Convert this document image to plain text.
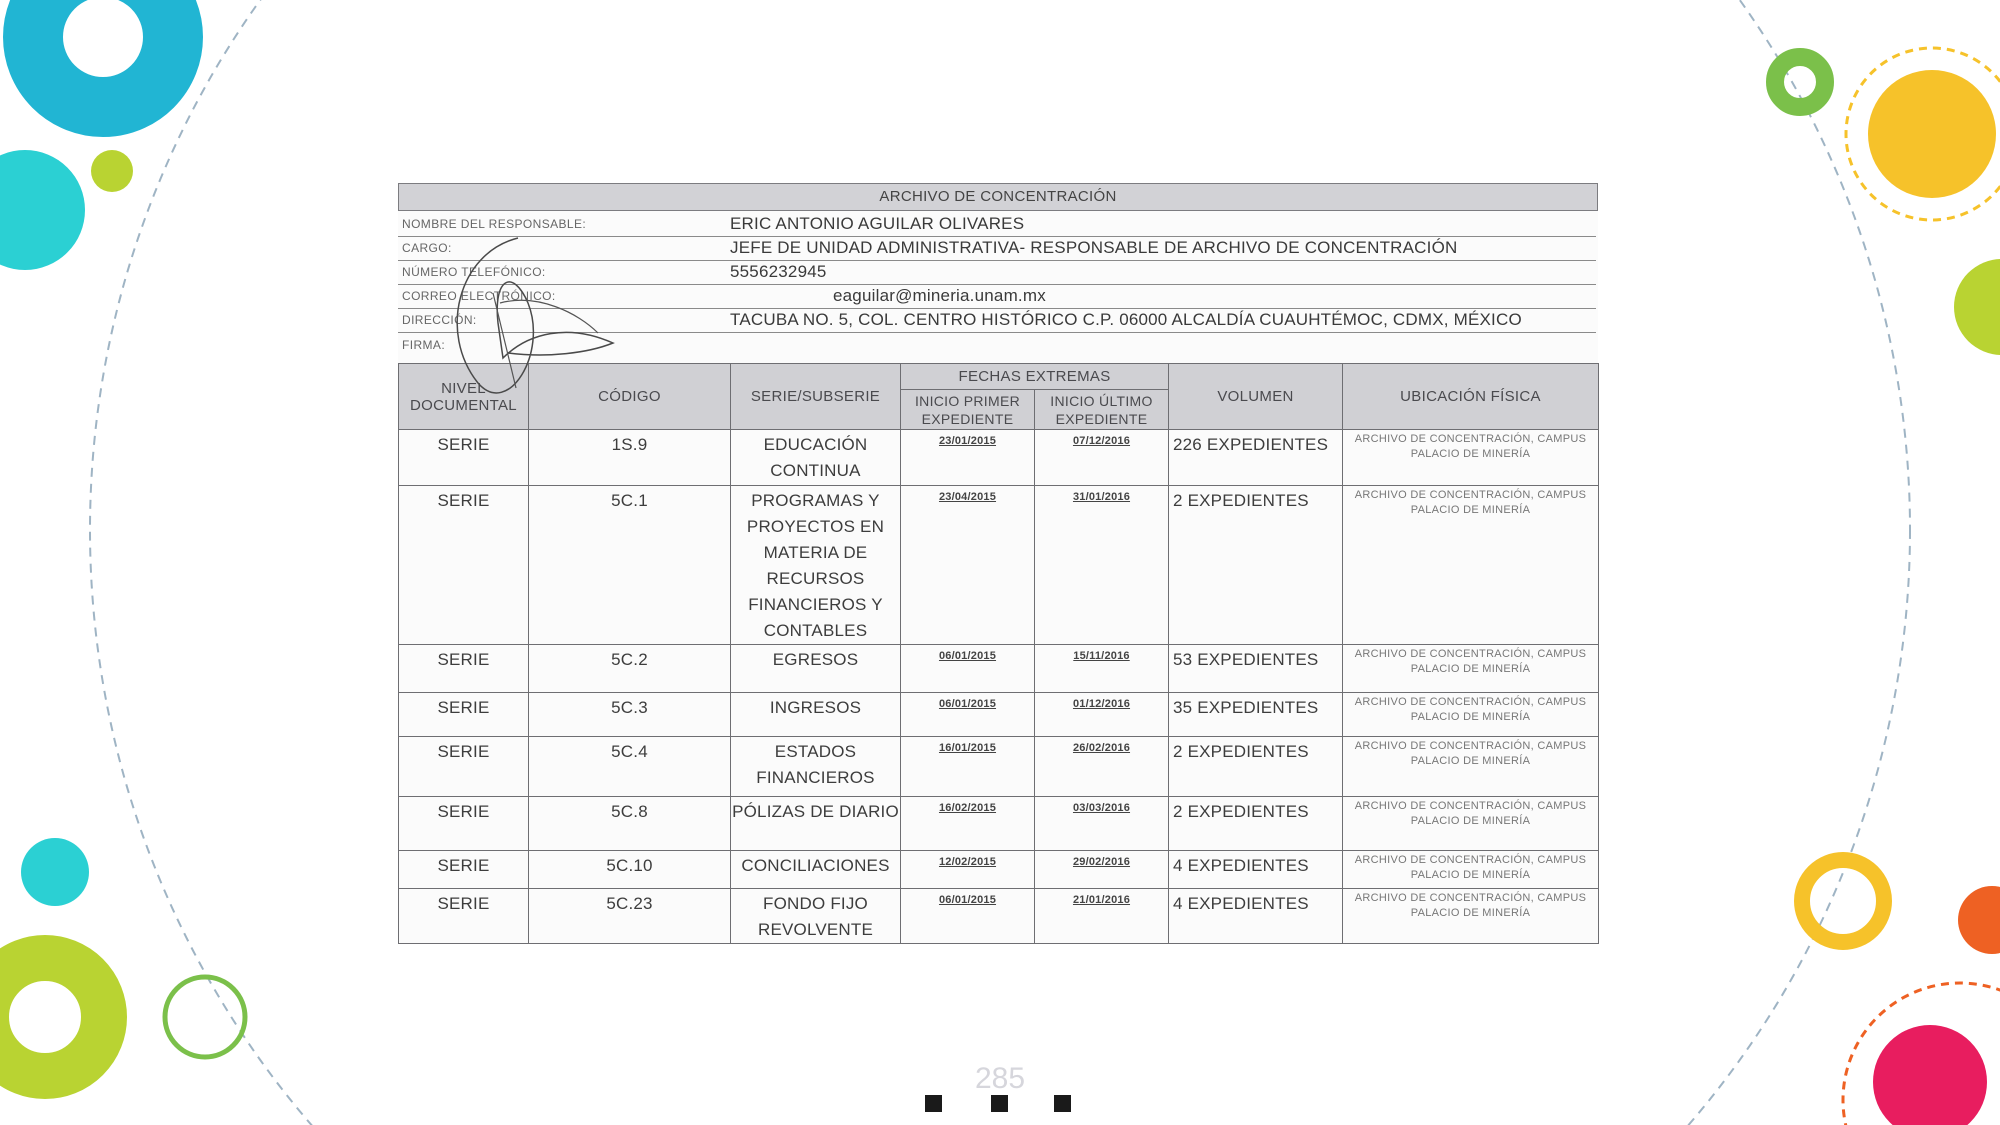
ARCHIVO DE CONCENTRACIÓN
NOMBRE DEL RESPONSABLE:	ERIC ANTONIO AGUILAR OLIVARES
CARGO:	JEFE DE UNIDAD ADMINISTRATIVA- RESPONSABLE DE ARCHIVO DE CONCENTRACIÓN
NÚMERO TELEFÓNICO:	5556232945
CORREO ELECTRÓNICO:	eaguilar@mineria.unam.mx
DIRECCIÓN:	TACUBA NO. 5, COL. CENTRO HISTÓRICO C.P. 06000 ALCALDÍA CUAUHTÉMOC, CDMX, MÉXICO
FIRMA:
NIVEL DOCUMENTAL	CÓDIGO	SERIE/SUBSERIE	FECHAS EXTREMAS		VOLUMEN	UBICACIÓN FÍSICA
			INICIO PRIMER EXPEDIENTE	INICIO ÚLTIMO EXPEDIENTE		
SERIE	1S.9	EDUCACIÓN CONTINUA	23/01/2015	07/12/2016	226 EXPEDIENTES	ARCHIVO DE CONCENTRACIÓN, CAMPUS PALACIO DE MINERÍA
SERIE	5C.1	PROGRAMAS Y PROYECTOS EN MATERIA DE RECURSOS FINANCIEROS Y CONTABLES	23/04/2015	31/01/2016	2 EXPEDIENTES	ARCHIVO DE CONCENTRACIÓN, CAMPUS PALACIO DE MINERÍA
SERIE	5C.2	EGRESOS	06/01/2015	15/11/2016	53 EXPEDIENTES	ARCHIVO DE CONCENTRACIÓN, CAMPUS PALACIO DE MINERÍA
SERIE	5C.3	INGRESOS	06/01/2015	01/12/2016	35 EXPEDIENTES	ARCHIVO DE CONCENTRACIÓN, CAMPUS PALACIO DE MINERÍA
SERIE	5C.4	ESTADOS FINANCIEROS	16/01/2015	26/02/2016	2 EXPEDIENTES	ARCHIVO DE CONCENTRACIÓN, CAMPUS PALACIO DE MINERÍA
SERIE	5C.8	PÓLIZAS DE DIARIO	16/02/2015	03/03/2016	2 EXPEDIENTES	ARCHIVO DE CONCENTRACIÓN, CAMPUS PALACIO DE MINERÍA
SERIE	5C.10	CONCILIACIONES	12/02/2015	29/02/2016	4 EXPEDIENTES	ARCHIVO DE CONCENTRACIÓN, CAMPUS PALACIO DE MINERÍA
SERIE	5C.23	FONDO FIJO REVOLVENTE	06/01/2015	21/01/2016	4 EXPEDIENTES	ARCHIVO DE CONCENTRACIÓN, CAMPUS PALACIO DE MINERÍA
285
